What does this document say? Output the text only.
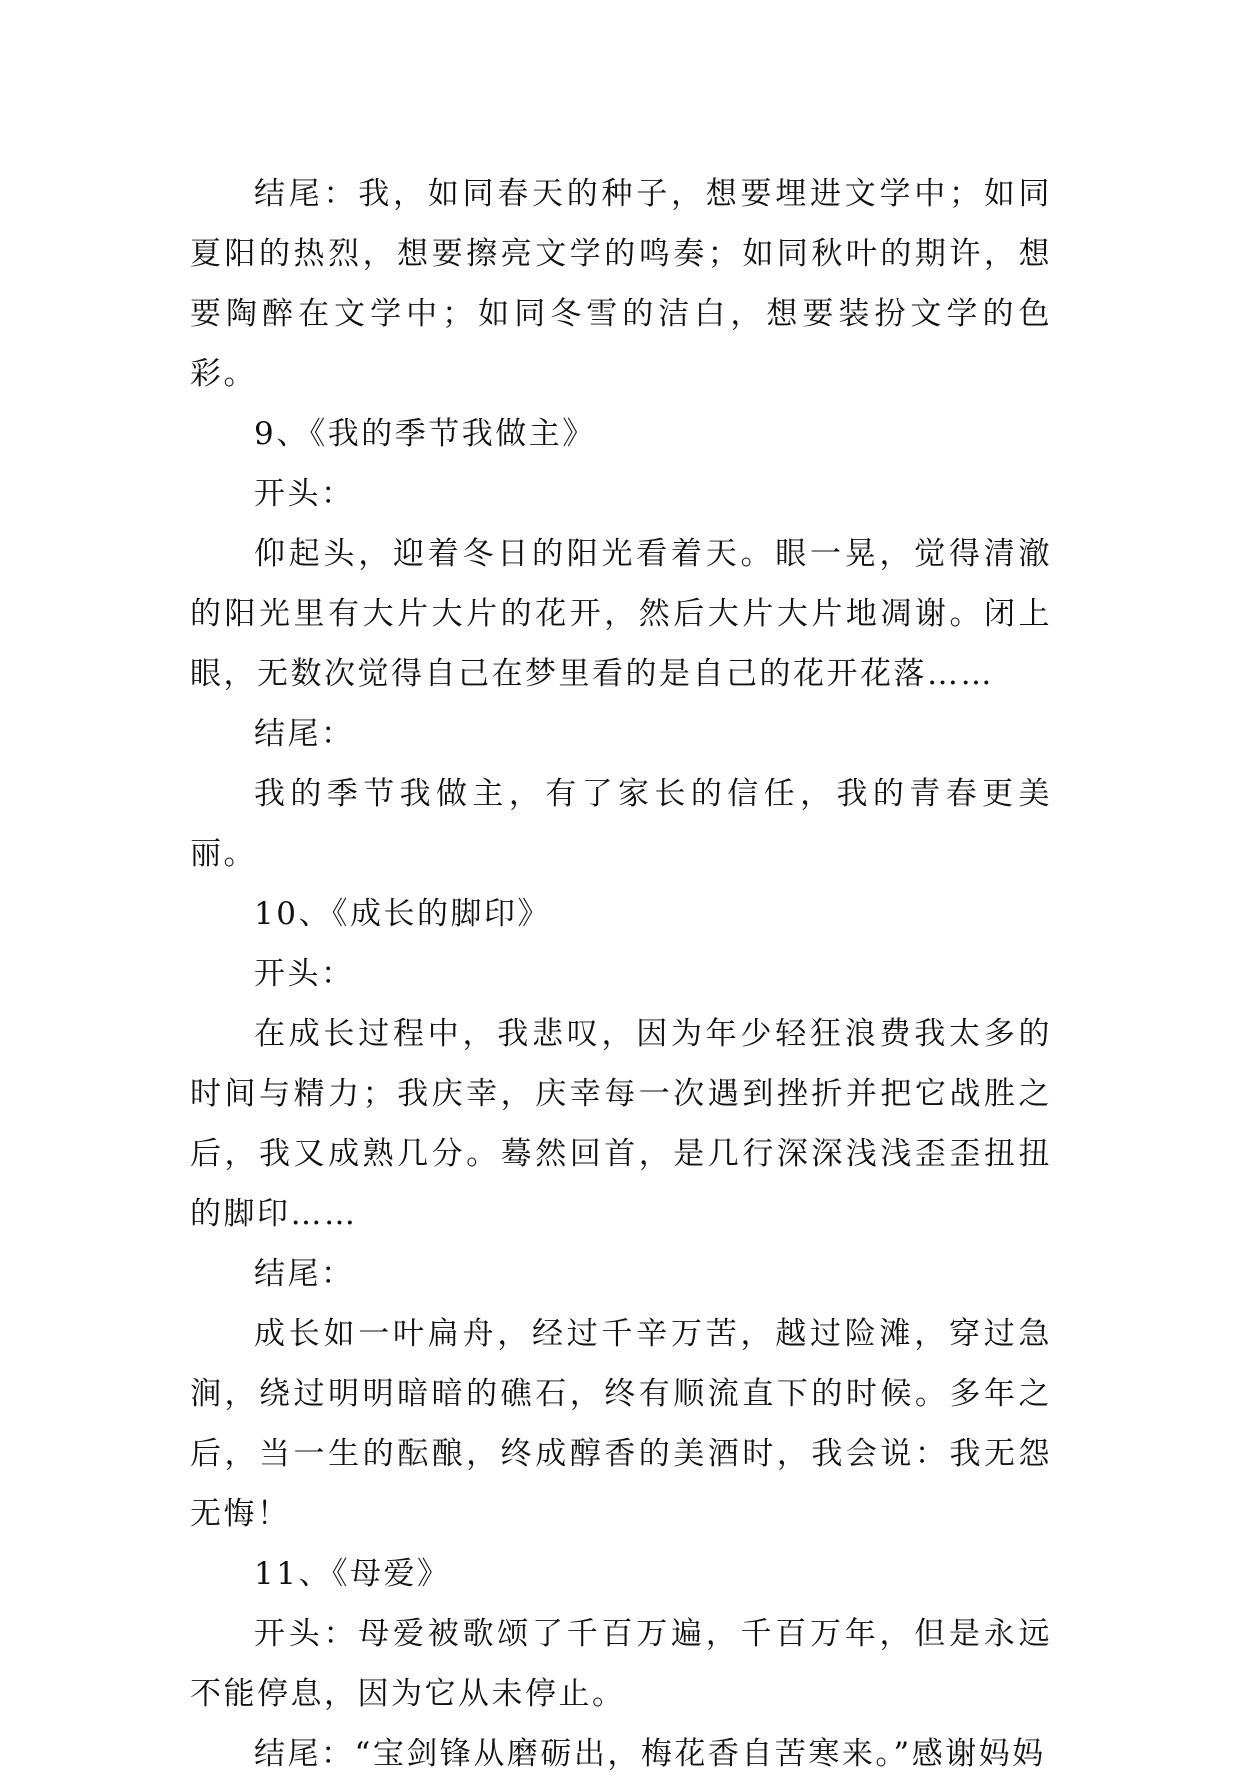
结尾：我，如同春天的种子，想要埋进文学中；如同夏阳的热烈，想要擦亮文学的鸣奏；如同秋叶的期许，想要陶醉在文学中；如同冬雪的洁白，想要装扮文学的色彩。

9、《我的季节我做主》

开头：

仰起头，迎着冬日的阳光看着天。眼一晃，觉得清澈的阳光里有大片大片的花开，然后大片大片地凋谢。闭上眼，无数次觉得自己在梦里看的是自己的花开花落……

结尾：

我的季节我做主，有了家长的信任，我的青春更美丽。

10、《成长的脚印》

开头：

在成长过程中，我悲叹，因为年少轻狂浪费我太多的时间与精力；我庆幸，庆幸每一次遇到挫折并把它战胜之后，我又成熟几分。蓦然回首，是几行深深浅浅歪歪扭扭的脚印……

结尾：

成长如一叶扁舟，经过千辛万苦，越过险滩，穿过急涧，绕过明明暗暗的礁石，终有顺流直下的时候。多年之后，当一生的酝酿，终成醇香的美酒时，我会说：我无怨无悔！

11、《母爱》

开头：母爱被歌颂了千百万遍，千百万年，但是永远不能停息，因为它从未停止。

结尾：“宝剑锋从磨砺出，梅花香自苦寒来。”感谢妈妈
